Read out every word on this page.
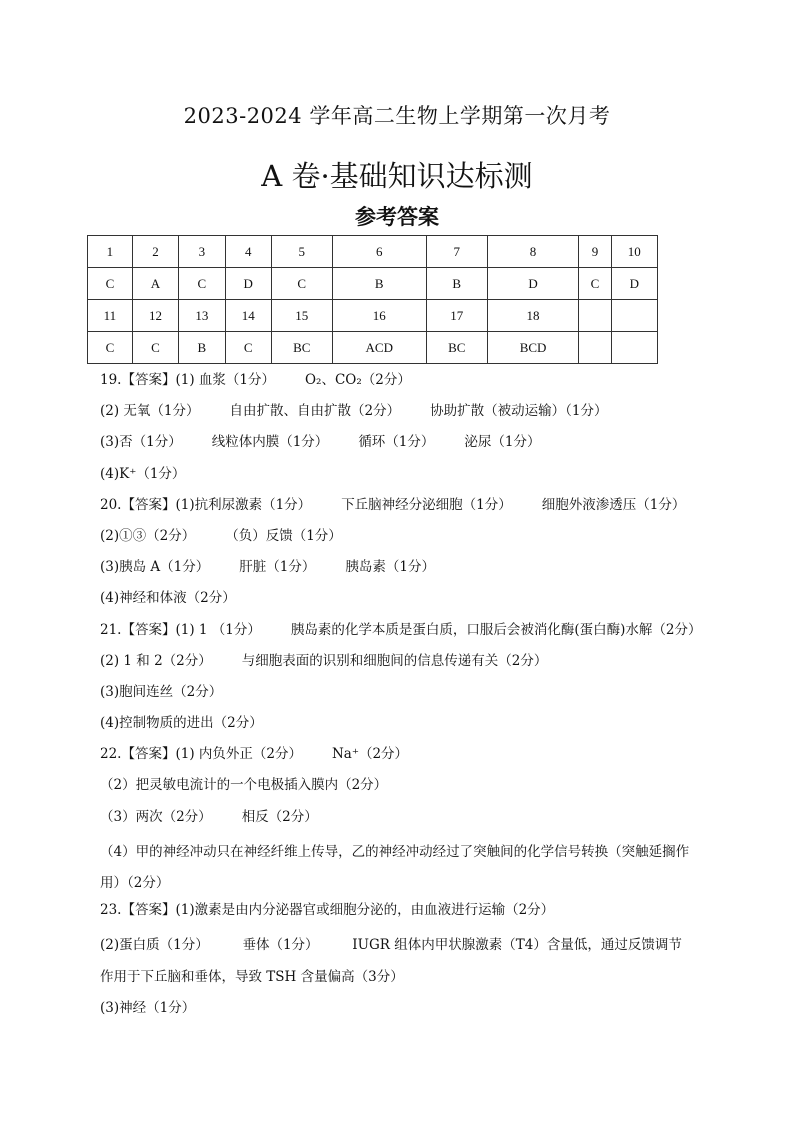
2023-2024 学年高二生物上学期第一次月考
A 卷·基础知识达标测
参考答案
1	2	3	4	5	6	7	8	9	10
C	A	C	D	C	B	B	D	C	D
11	12	13	14	15	16	17	18		
C	C	B	C	BC	ACD	BC	BCD		
19.【答案】(1) 血浆（1分） O₂、CO₂（2分）
(2) 无氧（1分） 自由扩散、自由扩散（2分） 协助扩散（被动运输）（1分）
(3)否（1分） 线粒体内膜（1分） 循环（1分） 泌尿（1分）
(4)K⁺（1分）
20.【答案】(1)抗利尿激素（1分） 下丘脑神经分泌细胞（1分） 细胞外液渗透压（1分）
(2)①③（2分） （负）反馈（1分）
(3)胰岛 A（1分） 肝脏（1分） 胰岛素（1分）
(4)神经和体液（2分）
21.【答案】(1) 1 （1分） 胰岛素的化学本质是蛋白质，口服后会被消化酶(蛋白酶)水解（2分）
(2) 1 和 2（2分） 与细胞表面的识别和细胞间的信息传递有关（2分）
(3)胞间连丝（2分）
(4)控制物质的进出（2分）
22.【答案】(1) 内负外正（2分） Na⁺（2分）
（2）把灵敏电流计的一个电极插入膜内（2分）
（3）两次（2分） 相反（2分）
（4）甲的神经冲动只在神经纤维上传导，乙的神经冲动经过了突触间的化学信号转换（突触延搁作用）（2分）
23.【答案】(1)激素是由内分泌器官或细胞分泌的，由血液进行运输（2分）
(2)蛋白质（1分）　　　垂体（1分）　　　IUGR 组体内甲状腺激素（T4）含量低，通过反馈调节作用于下丘脑和垂体，导致 TSH 含量偏高（3分）
(3)神经（1分）
